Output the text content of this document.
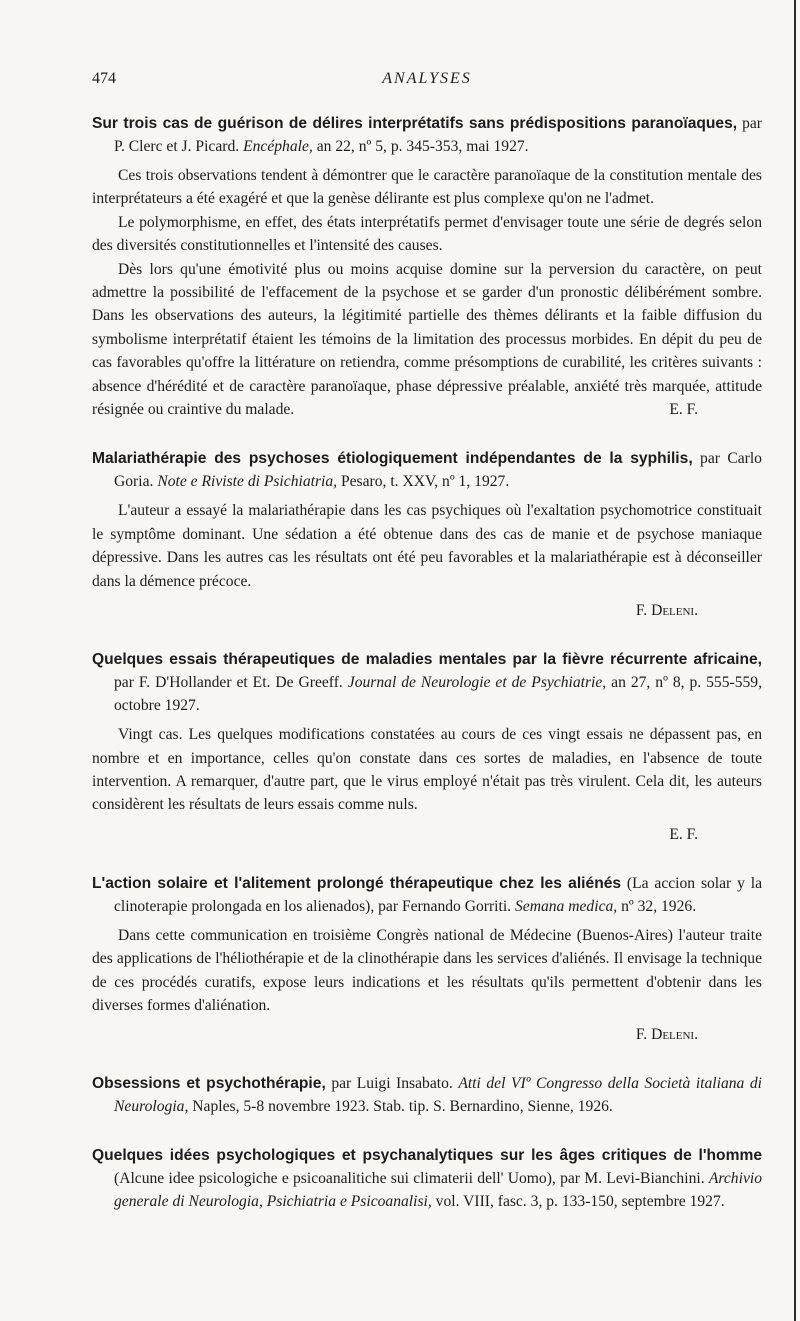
474	ANALYSES

Sur trois cas de guérison de délires interprétatifs sans prédispositions paranoïaques, par P. Clerc et J. Picard. Encéphale, an 22, nº 5, p. 345-353, mai 1927.

Ces trois observations tendent à démontrer que le caractère paranoïaque de la constitution mentale des interprétateurs a été exagéré et que la genèse délirante est plus complexe qu'on ne l'admet.

Le polymorphisme, en effet, des états interprétatifs permet d'envisager toute une série de degrés selon des diversités constitutionnelles et l'intensité des causes.

Dès lors qu'une émotivité plus ou moins acquise domine sur la perversion du caractère, on peut admettre la possibilité de l'effacement de la psychose et se garder d'un pronostic délibérément sombre. Dans les observations des auteurs, la légitimité partielle des thèmes délirants et la faible diffusion du symbolisme interprétatif étaient les témoins de la limitation des processus morbides. En dépit du peu de cas favorables qu'offre la littérature on retiendra, comme présomptions de curabilité, les critères suivants : absence d'hérédité et de caractère paranoïaque, phase dépressive préalable, anxiété très marquée, attitude résignée ou craintive du malade.	E. F.

Malariathérapie des psychoses étiologiquement indépendantes de la syphilis, par Carlo Goria. Note e Riviste di Psichiatria, Pesaro, t. XXV, nº 1, 1927.

L'auteur a essayé la malariathérapie dans les cas psychiques où l'exaltation psychomotrice constituait le symptôme dominant. Une sédation a été obtenue dans des cas de manie et de psychose maniaque dépressive. Dans les autres cas les résultats ont été peu favorables et la malariathérapie est à déconseiller dans la démence précoce.

F. Deleni.

Quelques essais thérapeutiques de maladies mentales par la fièvre récurrente africaine, par F. D'Hollander et Et. De Greeff. Journal de Neurologie et de Psychiatrie, an 27, nº 8, p. 555-559, octobre 1927.

Vingt cas. Les quelques modifications constatées au cours de ces vingt essais ne dépassent pas, en nombre et en importance, celles qu'on constate dans ces sortes de maladies, en l'absence de toute intervention. A remarquer, d'autre part, que le virus employé n'était pas très virulent. Cela dit, les auteurs considèrent les résultats de leurs essais comme nuls.

E. F.

L'action solaire et l'alitement prolongé thérapeutique chez les aliénés (La accion solar y la clinoterapie prolongada en los alienados), par Fernando Gorriti. Semana medica, nº 32, 1926.

Dans cette communication en troisième Congrès national de Médecine (Buenos-Aires) l'auteur traite des applications de l'héliothérapie et de la clinothérapie dans les services d'aliénés. Il envisage la technique de ces procédés curatifs, expose leurs indications et les résultats qu'ils permettent d'obtenir dans les diverses formes d'aliénation.

F. Deleni.

Obsessions et psychothérapie, par Luigi Insabato. Atti del VIº Congresso della Società italiana di Neurologia, Naples, 5-8 novembre 1923. Stab. tip. S. Bernardino, Sienne, 1926.

Quelques idées psychologiques et psychanalytiques sur les âges critiques de l'homme (Alcune idee psicologiche e psicoanalitiche sui climaterii dell' Uomo), par M. Levi-Bianchini. Archivio generale di Neurologia, Psichiatria e Psicoanalisi, vol. VIII, fasc. 3, p. 133-150, septembre 1927.
